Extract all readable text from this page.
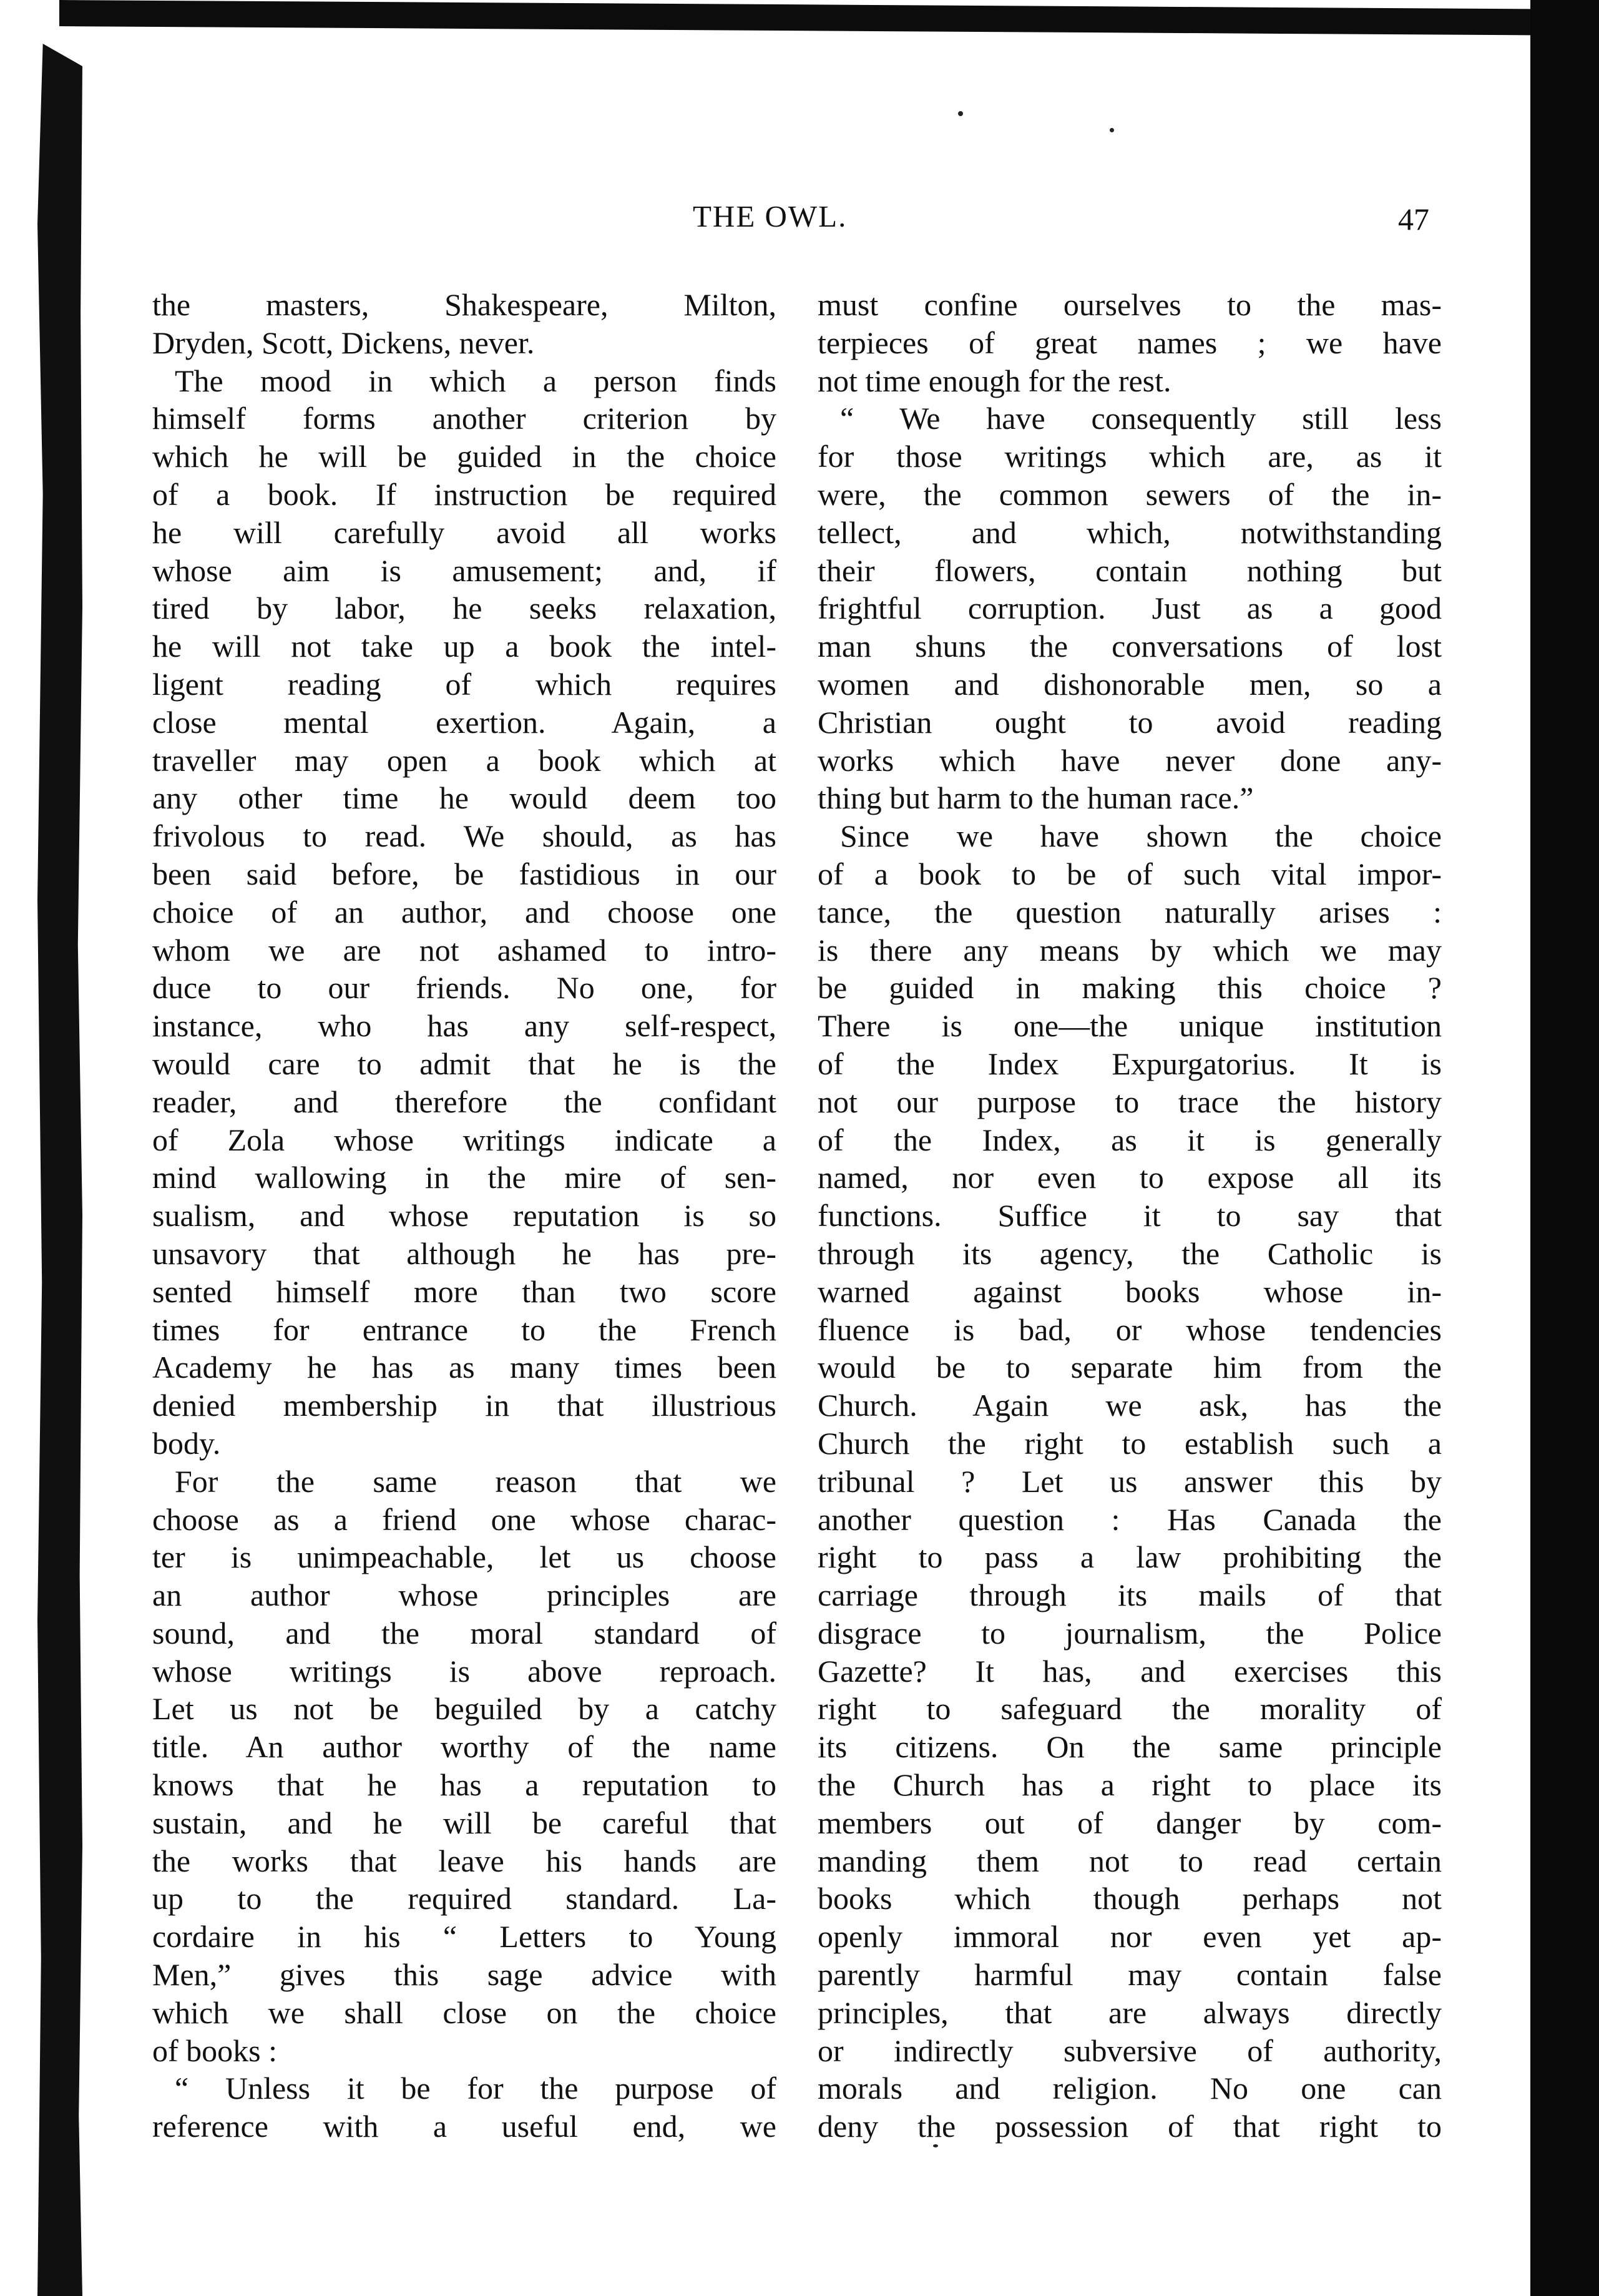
THE OWL.	47
the masters, Shakespeare, Milton,
Dryden, Scott, Dickens, never.
The mood in which a person finds
himself forms another criterion by
which he will be guided in the choice
of a book. If instruction be required
he will carefully avoid all works
whose aim is amusement; and, if
tired by labor, he seeks relaxation,
he will not take up a book the intel-
ligent reading of which requires
close mental exertion. Again, a
traveller may open a book which at
any other time he would deem too
frivolous to read. We should, as has
been said before, be fastidious in our
choice of an author, and choose one
whom we are not ashamed to intro-
duce to our friends. No one, for
instance, who has any self-respect,
would care to admit that he is the
reader, and therefore the confidant
of Zola whose writings indicate a
mind wallowing in the mire of sen-
sualism, and whose reputation is so
unsavory that although he has pre-
sented himself more than two score
times for entrance to the French
Academy he has as many times been
denied membership in that illustrious
body.
For the same reason that we
choose as a friend one whose charac-
ter is unimpeachable, let us choose
an author whose principles are
sound, and the moral standard of
whose writings is above reproach.
Let us not be beguiled by a catchy
title. An author worthy of the name
knows that he has a reputation to
sustain, and he will be careful that
the works that leave his hands are
up to the required standard. La-
cordaire in his “ Letters to Young
Men,” gives this sage advice with
which we shall close on the choice
of books :
“ Unless it be for the purpose of
reference with a useful end, we
must confine ourselves to the mas-
terpieces of great names ; we have
not time enough for the rest.
“ We have consequently still less
for those writings which are, as it
were, the common sewers of the in-
tellect, and which, notwithstanding
their flowers, contain nothing but
frightful corruption. Just as a good
man shuns the conversations of lost
women and dishonorable men, so a
Christian ought to avoid reading
works which have never done any-
thing but harm to the human race.”
Since we have shown the choice
of a book to be of such vital impor-
tance, the question naturally arises :
is there any means by which we may
be guided in making this choice ?
There is one—the unique institution
of the Index Expurgatorius. It is
not our purpose to trace the history
of the Index, as it is generally
named, nor even to expose all its
functions. Suffice it to say that
through its agency, the Catholic is
warned against books whose in-
fluence is bad, or whose tendencies
would be to separate him from the
Church. Again we ask, has the
Church the right to establish such a
tribunal ? Let us answer this by
another question : Has Canada the
right to pass a law prohibiting the
carriage through its mails of that
disgrace to journalism, the Police
Gazette? It has, and exercises this
right to safeguard the morality of
its citizens. On the same principle
the Church has a right to place its
members out of danger by com-
manding them not to read certain
books which though perhaps not
openly immoral nor even yet ap-
parently harmful may contain false
principles, that are always directly
or indirectly subversive of authority,
morals and religion. No one can
deny the possession of that right to
